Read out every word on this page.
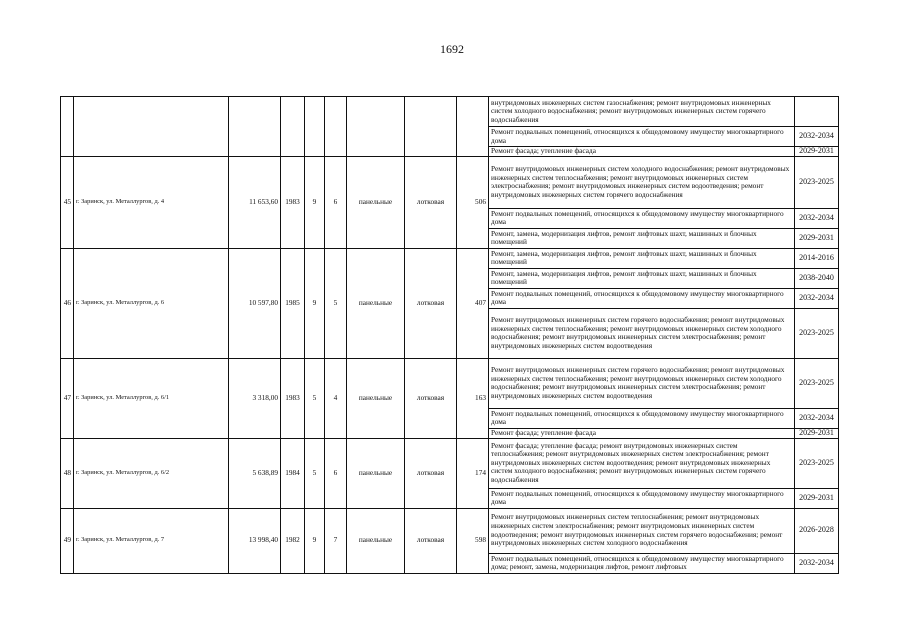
1692
									внутридомовых инженерных систем газоснабжения; ремонт внутридомовых инженерных систем холодного водоснабжения; ремонт внутридомовых инженерных систем горячего водоснабжения	
									Ремонт подвальных помещений, относящихся к общедомовому имуществу многоквартирного дома	2032-2034
									Ремонт фасада; утепление фасада	2029-2031
45	г. Заринск, ул. Металлургов, д. 4	11 653,60	1983	9	6	панельные	лотковая	506	Ремонт внутридомовых инженерных систем холодного водоснабжения; ремонт внутридомовых инженерных систем теплоснабжения; ремонт внутридомовых инженерных систем электроснабжения; ремонт внутридомовых инженерных систем водоотведения; ремонт внутридомовых инженерных систем горячего водоснабжения	2023-2025
									Ремонт подвальных помещений, относящихся к общедомовому имуществу многоквартирного дома	2032-2034
									Ремонт, замена, модернизация лифтов, ремонт лифтовых шахт, машинных и блочных помещений	2029-2031
46	г. Заринск, ул. Металлургов, д. 6	10 597,80	1985	9	5	панельные	лотковая	407	Ремонт, замена, модернизация лифтов, ремонт лифтовых шахт, машинных и блочных помещений	2014-2016
									Ремонт, замена, модернизация лифтов, ремонт лифтовых шахт, машинных и блочных помещений	2038-2040
									Ремонт подвальных помещений, относящихся к общедомовому имуществу многоквартирного дома	2032-2034
									Ремонт внутридомовых инженерных систем горячего водоснабжения; ремонт внутридомовых инженерных систем теплоснабжения; ремонт внутридомовых инженерных систем холодного водоснабжения; ремонт внутридомовых инженерных систем электроснабжения; ремонт внутридомовых инженерных систем водоотведения	2023-2025
47	г. Заринск, ул. Металлургов, д. 6/1	3 318,00	1983	5	4	панельные	лотковая	163	Ремонт внутридомовых инженерных систем горячего водоснабжения; ремонт внутридомовых инженерных систем теплоснабжения; ремонт внутридомовых инженерных систем холодного водоснабжения; ремонт внутридомовых инженерных систем электроснабжения; ремонт внутридомовых инженерных систем водоотведения	2023-2025
									Ремонт подвальных помещений, относящихся к общедомовому имуществу многоквартирного дома	2032-2034
									Ремонт фасада; утепление фасада	2029-2031
48	г. Заринск, ул. Металлургов, д. 6/2	5 638,89	1984	5	6	панельные	лотковая	174	Ремонт фасада; утепление фасада; ремонт внутридомовых инженерных систем теплоснабжения; ремонт внутридомовых инженерных систем электроснабжения; ремонт внутридомовых инженерных систем водоотведения; ремонт внутридомовых инженерных систем холодного водоснабжения; ремонт внутридомовых инженерных систем горячего водоснабжения	2023-2025
									Ремонт подвальных помещений, относящихся к общедомовому имуществу многоквартирного дома	2029-2031
49	г. Заринск, ул. Металлургов, д. 7	13 998,40	1982	9	7	панельные	лотковая	598	Ремонт внутридомовых инженерных систем теплоснабжения; ремонт внутридомовых инженерных систем электроснабжения; ремонт внутридомовых инженерных систем водоотведения; ремонт внутридомовых инженерных систем горячего водоснабжения; ремонт внутридомовых инженерных систем холодного водоснабжения	2026-2028
									Ремонт подвальных помещений, относящихся к общедомовому имуществу многоквартирного дома; ремонт, замена, модернизация лифтов, ремонт лифтовых	2032-2034
